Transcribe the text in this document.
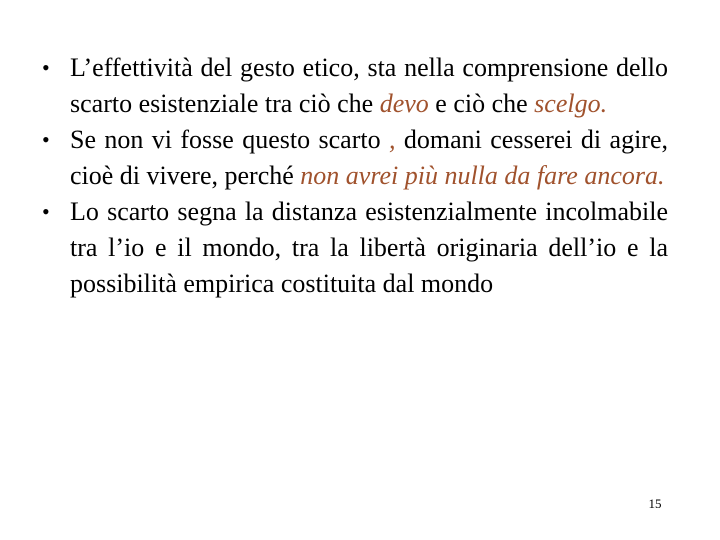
• L’effettività del gesto etico, sta nella comprensione dello scarto esistenziale tra ciò che devo e ciò che scelgo.
• Se non vi fosse questo scarto , domani cesserei di agire, cioè di vivere, perché non avrei più nulla da fare ancora.
• Lo scarto segna la distanza esistenzialmente incolmabile tra l’io e il mondo, tra la libertà originaria dell’io e la possibilità empirica costituita dal mondo
15
